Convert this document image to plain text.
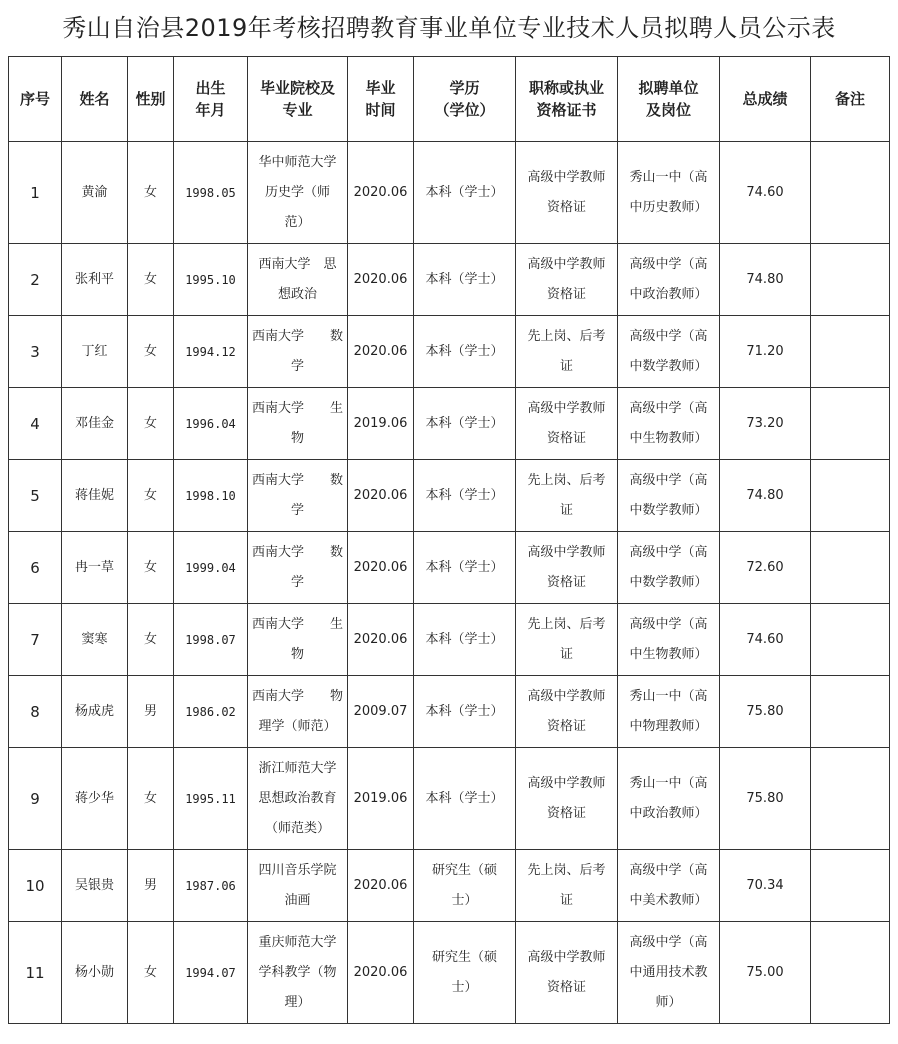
秀山自治县2019年考核招聘教育事业单位专业技术人员拟聘人员公示表
序号	姓名	性别	出生
年月	毕业院校及
专业	毕业
时间	学历
（学位）	职称或执业
资格证书	拟聘单位
及岗位	总成绩	备注
1	黄渝	女	1998.05	华中师范大学
历史学（师
范）	2020.06	本科（学士）	高级中学教师
资格证	秀山一中（高
中历史教师）	74.60	
2	张利平	女	1995.10	西南大学　思
想政治	2020.06	本科（学士）	高级中学教师
资格证	高级中学（高
中政治教师）	74.80	
3	丁红	女	1994.12	西南大学　　数
学	2020.06	本科（学士）	先上岗、后考
证	高级中学（高
中数学教师）	71.20	
4	邓佳金	女	1996.04	西南大学　　生
物	2019.06	本科（学士）	高级中学教师
资格证	高级中学（高
中生物教师）	73.20	
5	蒋佳妮	女	1998.10	西南大学　　数
学	2020.06	本科（学士）	先上岗、后考
证	高级中学（高
中数学教师）	74.80	
6	冉一草	女	1999.04	西南大学　　数
学	2020.06	本科（学士）	高级中学教师
资格证	高级中学（高
中数学教师）	72.60	
7	窦寒	女	1998.07	西南大学　　生
物	2020.06	本科（学士）	先上岗、后考
证	高级中学（高
中生物教师）	74.60	
8	杨成虎	男	1986.02	西南大学　　物
理学（师范）	2009.07	本科（学士）	高级中学教师
资格证	秀山一中（高
中物理教师）	75.80	
9	蒋少华	女	1995.11	浙江师范大学
思想政治教育
（师范类）	2019.06	本科（学士）	高级中学教师
资格证	秀山一中（高
中政治教师）	75.80	
10	吴银贵	男	1987.06	四川音乐学院
油画	2020.06	研究生（硕
士）	先上岗、后考
证	高级中学（高
中美术教师）	70.34	
11	杨小勋	女	1994.07	重庆师范大学
学科教学（物
理）	2020.06	研究生（硕
士）	高级中学教师
资格证	高级中学（高
中通用技术教
师）	75.00	
